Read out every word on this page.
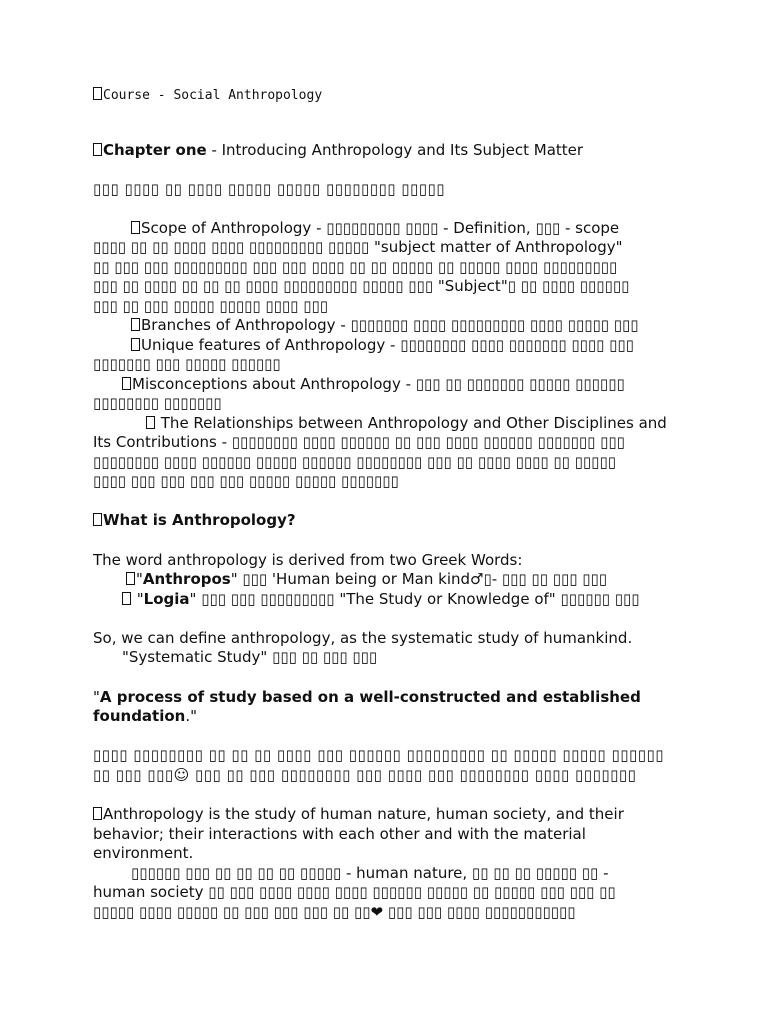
Course - Social Anthropology
Chapter one - Introducing Anthropology and Its Subject Matter
▯▯▯ ▯▯▯▯ ▯▯ ▯▯▯▯ ▯▯▯▯▯ ▯▯▯▯▯ ▯▯▯▯▯▯▯▯ ▯▯▯▯▯
Scope of Anthropology - ▯▯▯▯▯▯▯▯▯ ▯▯▯▯ - Definition, ▯▯▯ - scope
▯▯▯▯ ▯▯ ▯▯ ▯▯▯▯ ▯▯▯▯ ▯▯▯▯▯▯▯▯▯ ▯▯▯▯▯ "subject matter of Anthropology"
▯▯ ▯▯▯ ▯▯▯ ▯▯▯▯▯▯▯▯▯ ▯▯▯ ▯▯▯ ▯▯▯▯ ▯▯ ▯▯ ▯▯▯▯▯ ▯▯ ▯▯▯▯▯ ▯▯▯▯ ▯▯▯▯▯▯▯▯▯
▯▯▯ ▯▯ ▯▯▯▯ ▯▯ ▯▯ ▯▯ ▯▯▯▯ ▯▯▯▯▯▯▯▯▯ ▯▯▯▯▯ ▯▯▯ "Subject"▯ ▯▯ ▯▯▯▯ ▯▯▯▯▯▯
▯▯▯ ▯▯ ▯▯▯ ▯▯▯▯▯ ▯▯▯▯▯ ▯▯▯▯ ▯▯▯
Branches of Anthropology - ▯▯▯▯▯▯▯ ▯▯▯▯ ▯▯▯▯▯▯▯▯▯ ▯▯▯▯ ▯▯▯▯▯ ▯▯▯
Unique features of Anthropology - ▯▯▯▯▯▯▯▯ ▯▯▯▯ ▯▯▯▯▯▯▯ ▯▯▯▯ ▯▯▯
▯▯▯▯▯▯▯ ▯▯▯ ▯▯▯▯▯ ▯▯▯▯▯▯
Misconceptions about Anthropology - ▯▯▯ ▯▯ ▯▯▯▯▯▯▯ ▯▯▯▯▯ ▯▯▯▯▯▯
▯▯▯▯▯▯▯▯ ▯▯▯▯▯▯▯
The Relationships between Anthropology and Other Disciplines and
Its Contributions - ▯▯▯▯▯▯▯▯ ▯▯▯▯ ▯▯▯▯▯▯ ▯▯ ▯▯▯ ▯▯▯▯ ▯▯▯▯▯▯ ▯▯▯▯▯▯▯ ▯▯▯
▯▯▯▯▯▯▯▯ ▯▯▯▯ ▯▯▯▯▯▯ ▯▯▯▯▯ ▯▯▯▯▯▯ ▯▯▯▯▯▯▯▯ ▯▯▯ ▯▯ ▯▯▯▯ ▯▯▯▯ ▯▯ ▯▯▯▯▯
▯▯▯▯ ▯▯▯ ▯▯▯ ▯▯▯ ▯▯▯ ▯▯▯▯▯ ▯▯▯▯▯ ▯▯▯▯▯▯▯
What is Anthropology?
The word anthropology is derived from two Greek Words:
"Anthropos" ▯▯▯ 'Human being or Man kind♂▯- ▯▯▯ ▯▯ ▯▯▯ ▯▯▯
"Logia" ▯▯▯ ▯▯▯ ▯▯▯▯▯▯▯▯▯ "The Study or Knowledge of" ▯▯▯▯▯▯ ▯▯▯
So, we can define anthropology, as the systematic study of humankind.
"Systematic Study" ▯▯▯ ▯▯ ▯▯▯ ▯▯▯
"A process of study based on a well-constructed and established
foundation."
▯▯▯▯ ▯▯▯▯▯▯▯▯ ▯▯ ▯▯ ▯▯ ▯▯▯▯ ▯▯▯ ▯▯▯▯▯▯ ▯▯▯▯▯▯▯▯▯ ▯▯ ▯▯▯▯▯ ▯▯▯▯▯ ▯▯▯▯▯▯
▯▯ ▯▯▯ ▯▯▯☺ ▯▯▯ ▯▯ ▯▯▯ ▯▯▯▯▯▯▯▯ ▯▯▯ ▯▯▯▯ ▯▯▯ ▯▯▯▯▯▯▯▯ ▯▯▯▯ ▯▯▯▯▯▯▯
Anthropology is the study of human nature, human society, and their
behavior; their interactions with each other and with the material
environment.
▯▯▯▯▯▯ ▯▯▯ ▯▯ ▯▯ ▯▯ ▯▯ ▯▯▯▯▯ - human nature, ▯▯ ▯▯ ▯▯ ▯▯▯▯▯ ▯▯ -
human society ▯▯ ▯▯▯ ▯▯▯▯ ▯▯▯▯ ▯▯▯▯ ▯▯▯▯▯▯ ▯▯▯▯▯ ▯▯ ▯▯▯▯▯ ▯▯▯ ▯▯▯ ▯▯
▯▯▯▯▯ ▯▯▯▯ ▯▯▯▯▯ ▯▯ ▯▯▯ ▯▯▯ ▯▯▯ ▯▯ ▯▯❤ ▯▯▯ ▯▯▯ ▯▯▯▯ ▯▯▯▯▯▯▯▯▯▯▯
